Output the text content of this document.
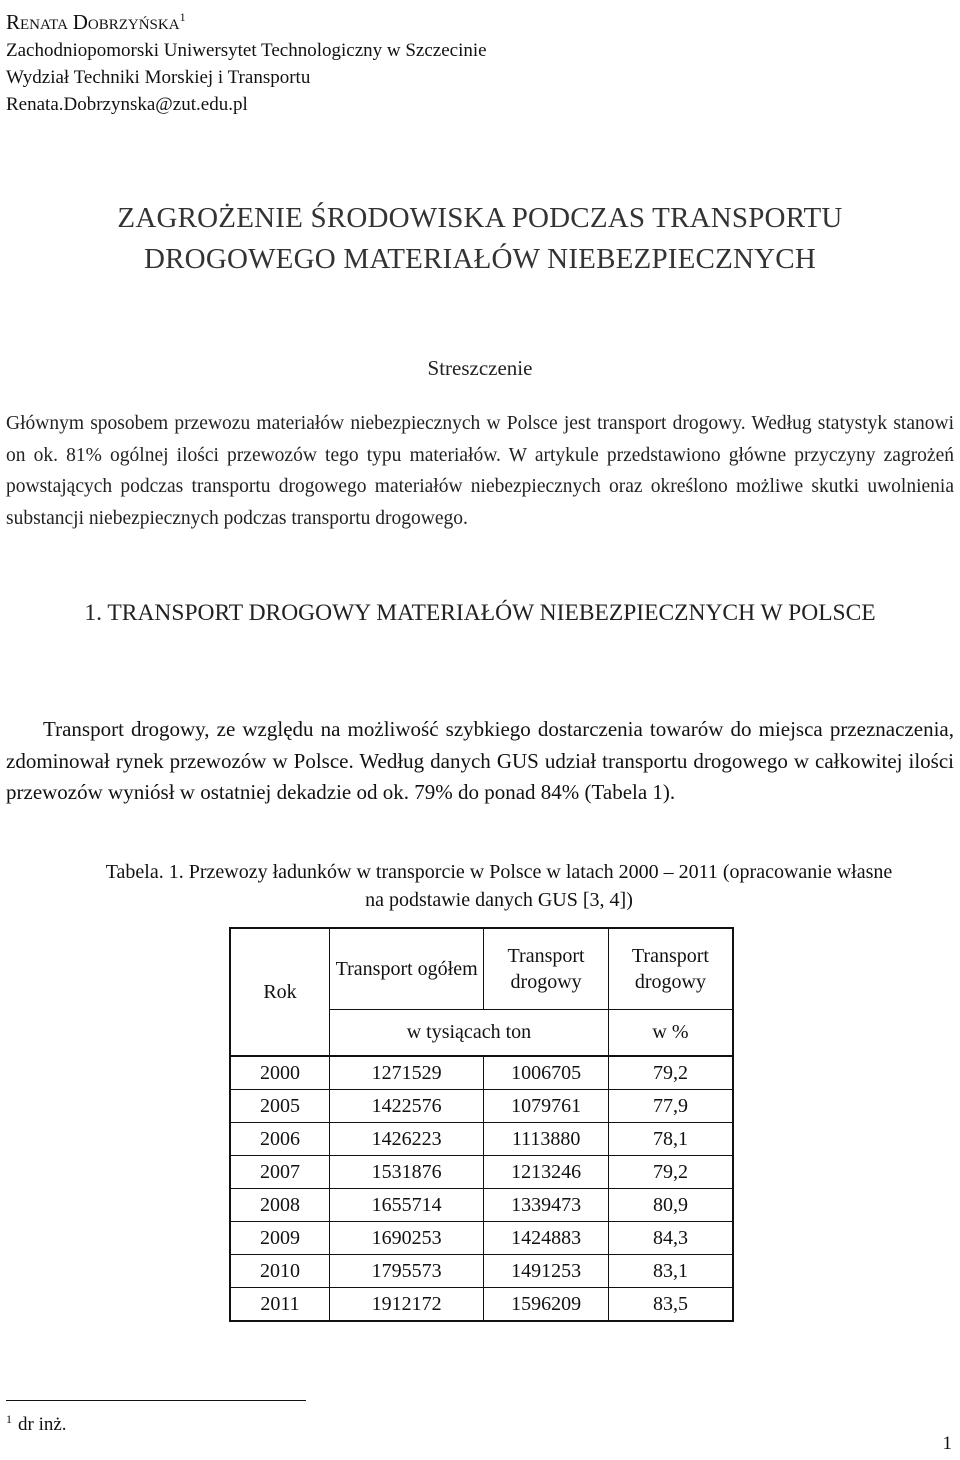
Renata Dobrzyńska$^1$
Zachodniopomorski Uniwersytet Technologiczny w Szczecinie
Wydział Techniki Morskiej i Transportu
Renata.Dobrzynska@zut.edu.pl
ZAGROŻENIE ŚRODOWISKA PODCZAS TRANSPORTU
DROGOWEGO MATERIAŁÓW NIEBEZPIECZNYCH
Streszczenie
Głównym sposobem przewozu materiałów niebezpiecznych w Polsce jest transport drogowy. Według statystyk stanowi on ok. 81% ogólnej ilości przewozów tego typu materiałów. W artykule przedstawiono główne przyczyny zagrożeń powstających podczas transportu drogowego materiałów niebezpiecznych oraz określono możliwe skutki uwolnienia substancji niebezpiecznych podczas transportu drogowego.
1. TRANSPORT DROGOWY MATERIAŁÓW NIEBEZPIECZNYCH W POLSCE
Transport drogowy, ze względu na możliwość szybkiego dostarczenia towarów do miejsca przeznaczenia, zdominował rynek przewozów w Polsce. Według danych GUS udział transportu drogowego w całkowitej ilości przewozów wyniósł w ostatniej dekadzie od ok. 79% do ponad 84% (Tabela 1).
Tabela. 1. Przewozy ładunków w transporcie w Polsce w latach 2000 – 2011 (opracowanie własne
na podstawie danych GUS [3, 4])
Rok	Transport ogółem	Transport drogowy	Transport drogowy
	w tysiącach ton		w %
2000	1271529	1006705	79,2
2005	1422576	1079761	77,9
2006	1426223	1113880	78,1
2007	1531876	1213246	79,2
2008	1655714	1339473	80,9
2009	1690253	1424883	84,3
2010	1795573	1491253	83,1
2011	1912172	1596209	83,5
$^1$ dr inż.
1
